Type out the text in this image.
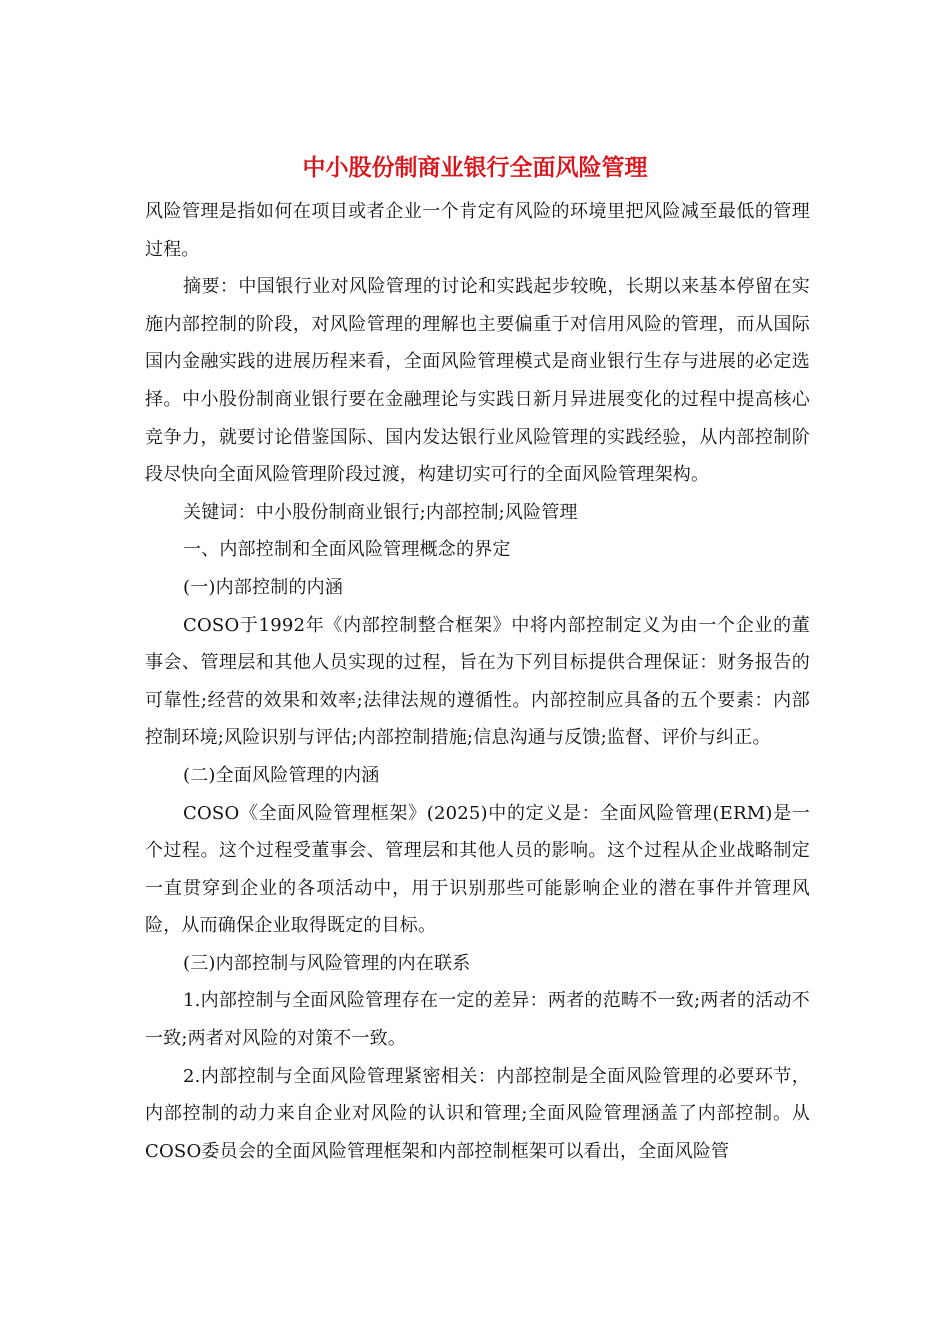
中小股份制商业银行全面风险管理

风险管理是指如何在项目或者企业一个肯定有风险的环境里把风险减至最低的管理过程。

摘要：中国银行业对风险管理的讨论和实践起步较晚，长期以来基本停留在实施内部控制的阶段，对风险管理的理解也主要偏重于对信用风险的管理，而从国际国内金融实践的进展历程来看，全面风险管理模式是商业银行生存与进展的必定选择。中小股份制商业银行要在金融理论与实践日新月异进展变化的过程中提高核心竞争力，就要讨论借鉴国际、国内发达银行业风险管理的实践经验，从内部控制阶段尽快向全面风险管理阶段过渡，构建切实可行的全面风险管理架构。

关键词：中小股份制商业银行;内部控制;风险管理

一、内部控制和全面风险管理概念的界定

(一)内部控制的内涵

COSO于1992年《内部控制整合框架》中将内部控制定义为由一个企业的董事会、管理层和其他人员实现的过程，旨在为下列目标提供合理保证：财务报告的可靠性;经营的效果和效率;法律法规的遵循性。内部控制应具备的五个要素：内部控制环境;风险识别与评估;内部控制措施;信息沟通与反馈;监督、评价与纠正。

(二)全面风险管理的内涵

COSO《全面风险管理框架》(2025)中的定义是：全面风险管理(ERM)是一个过程。这个过程受董事会、管理层和其他人员的影响。这个过程从企业战略制定一直贯穿到企业的各项活动中，用于识别那些可能影响企业的潜在事件并管理风险，从而确保企业取得既定的目标。

(三)内部控制与风险管理的内在联系

1.内部控制与全面风险管理存在一定的差异：两者的范畴不一致;两者的活动不一致;两者对风险的对策不一致。

2.内部控制与全面风险管理紧密相关：内部控制是全面风险管理的必要环节，内部控制的动力来自企业对风险的认识和管理;全面风险管理涵盖了内部控制。从COSO委员会的全面风险管理框架和内部控制框架可以看出，全面风险管
